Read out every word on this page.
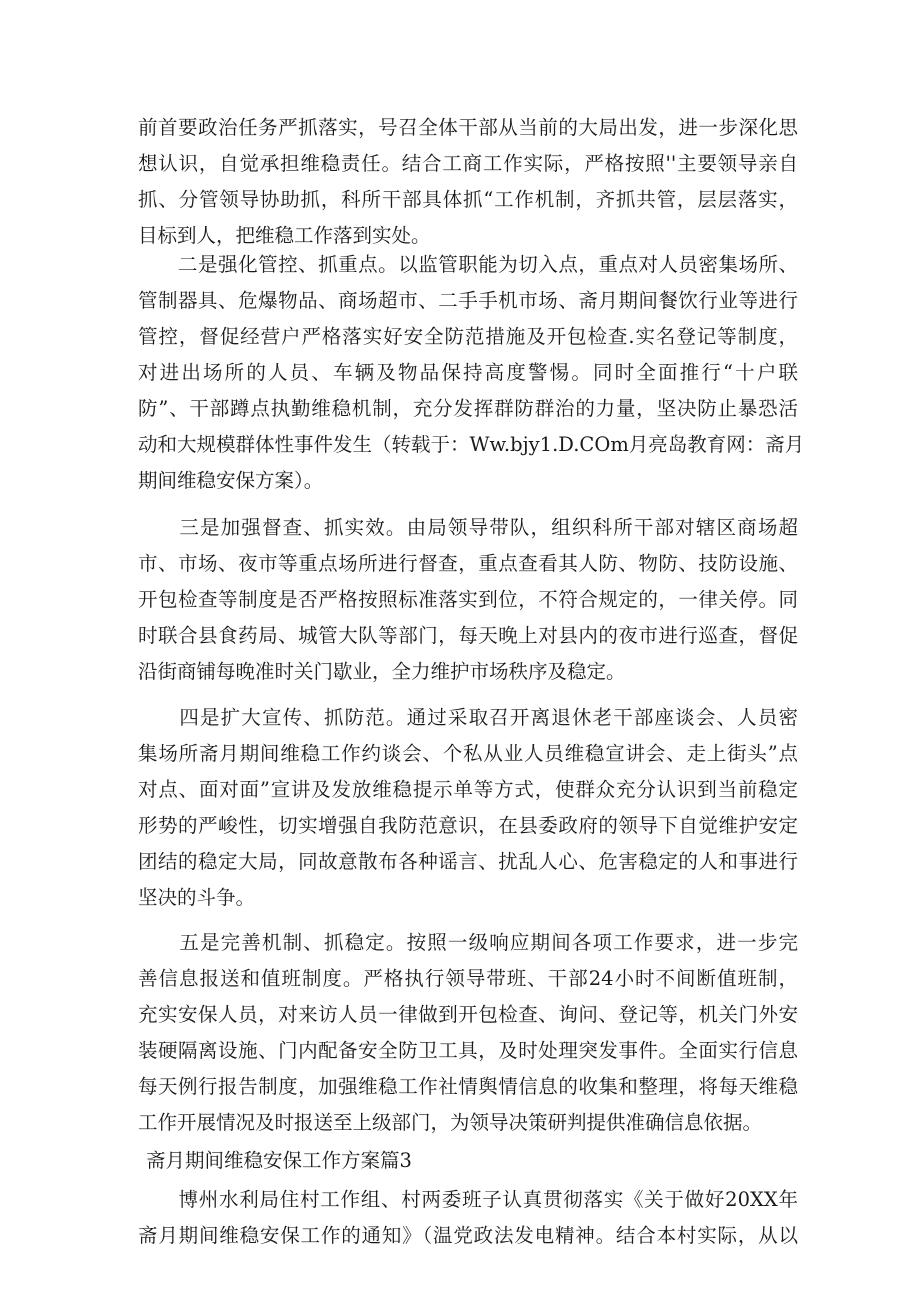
前首要政治任务严抓落实，号召全体干部从当前的大局出发，进一步深化思
想认识，自觉承担维稳责任。结合工商工作实际，严格按照''主要领导亲自
抓、分管领导协助抓，科所干部具体抓“工作机制，齐抓共管，层层落实，
目标到人，把维稳工作落到实处。
　　二是强化管控、抓重点。以监管职能为切入点，重点对人员密集场所、
管制器具、危爆物品、商场超市、二手手机市场、斋月期间餐饮行业等进行
管控，督促经营户严格落实好安全防范措施及开包检查.实名登记等制度，
对进出场所的人员、车辆及物品保持高度警惕。同时全面推行“十户联
防”、干部蹲点执勤维稳机制，充分发挥群防群治的力量，坚决防止暴恐活
动和大规模群体性事件发生（转载于：Ww.bjy1.D.COm月亮岛教育网：斋月
期间维稳安保方案）。
　　三是加强督查、抓实效。由局领导带队，组织科所干部对辖区商场超
市、市场、夜市等重点场所进行督查，重点查看其人防、物防、技防设施、
开包检查等制度是否严格按照标准落实到位，不符合规定的，一律关停。同
时联合县食药局、城管大队等部门，每天晚上对县内的夜市进行巡查，督促
沿街商铺每晚准时关门歇业，全力维护市场秩序及稳定。
　　四是扩大宣传、抓防范。通过采取召开离退休老干部座谈会、人员密
集场所斋月期间维稳工作约谈会、个私从业人员维稳宣讲会、走上街头”点
对点、面对面”宣讲及发放维稳提示单等方式，使群众充分认识到当前稳定
形势的严峻性，切实增强自我防范意识，在县委政府的领导下自觉维护安定
团结的稳定大局，同故意散布各种谣言、扰乱人心、危害稳定的人和事进行
坚决的斗争。
　　五是完善机制、抓稳定。按照一级响应期间各项工作要求，进一步完
善信息报送和值班制度。严格执行领导带班、干部24小时不间断值班制，
充实安保人员，对来访人员一律做到开包检查、询问、登记等，机关门外安
装硬隔离设施、门内配备安全防卫工具，及时处理突发事件。全面实行信息
每天例行报告制度，加强维稳工作社情舆情信息的收集和整理，将每天维稳
工作开展情况及时报送至上级部门，为领导决策研判提供准确信息依据。
斋月期间维稳安保工作方案篇3
　　博州水利局住村工作组、村两委班子认真贯彻落实《关于做好20XX年
斋月期间维稳安保工作的通知》（温党政法发电精神。结合本村实际，从以
